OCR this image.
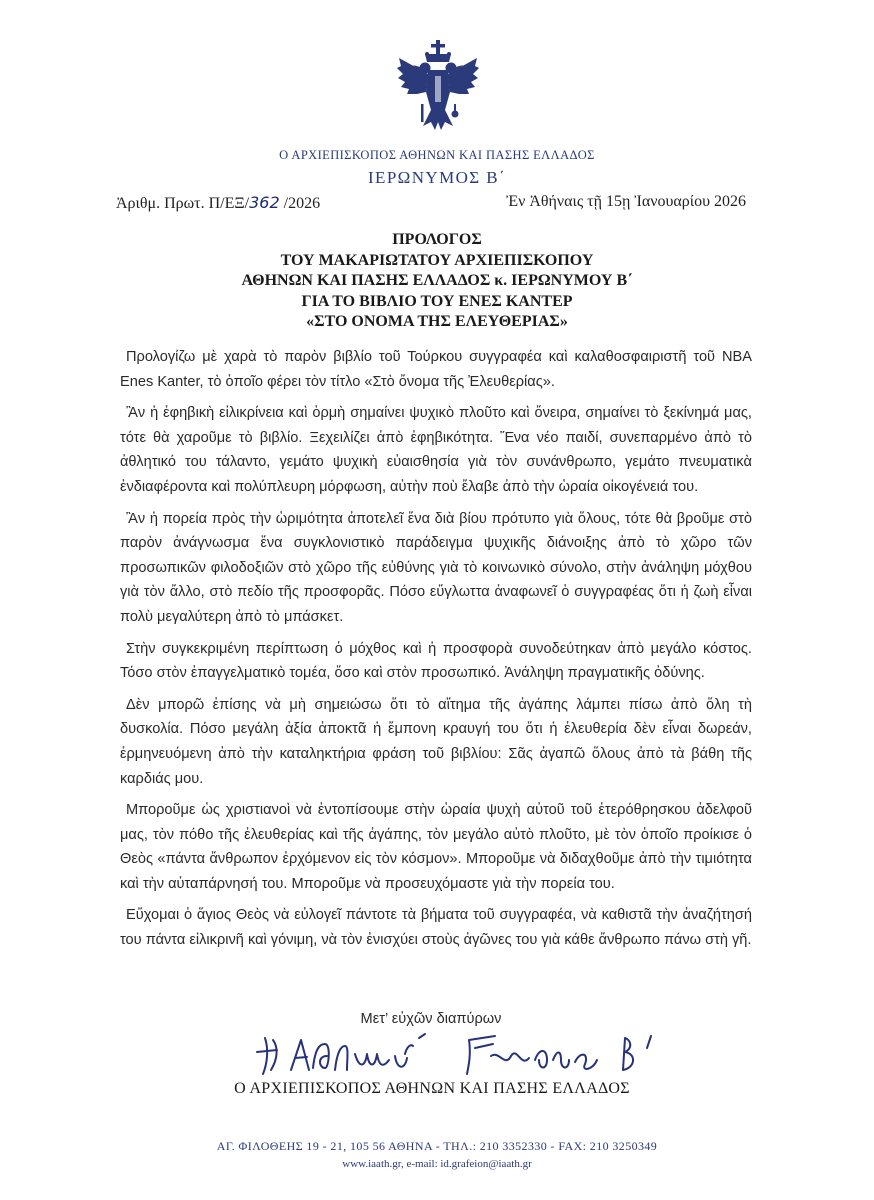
Ο ΑΡΧΙΕΠΙΣΚΟΠΟΣ ΑΘΗΝΩΝ ΚΑΙ ΠΑΣΗΣ ΕΛΛΑΔΟΣ
ΙΕΡΩΝΥΜΟΣ Β΄
Ἀριθμ. Πρωτ. Π/ΕΞ/362 /2026	Ἐν Ἀθήναις τῇ 15ῃ Ἰανουαρίου 2026
ΠΡΟΛΟΓΟΣ
ΤΟΥ ΜΑΚΑΡΙΩΤΑΤΟΥ ΑΡΧΙΕΠΙΣΚΟΠΟΥ
ΑΘΗΝΩΝ ΚΑΙ ΠΑΣΗΣ ΕΛΛΑΔΟΣ κ. ΙΕΡΩΝΥΜΟΥ Β΄
ΓΙΑ ΤΟ ΒΙΒΛΙΟ ΤΟΥ ΕΝΕΣ ΚΑΝΤΕΡ
«ΣΤΟ ΟΝΟΜΑ ΤΗΣ ΕΛΕΥΘΕΡΙΑΣ»

Προλογίζω μὲ χαρὰ τὸ παρὸν βιβλίο τοῦ Τούρκου συγγραφέα καὶ καλαθοσφαιριστῆ τοῦ NBA Enes Kanter, τὸ ὁποῖο φέρει τὸν τίτλο «Στὸ ὄνομα τῆς Ἐλευθερίας».

Ἂν ἡ ἐφηβικὴ εἰλικρίνεια καὶ ὁρμὴ σημαίνει ψυχικὸ πλοῦτο καὶ ὄνειρα, σημαίνει τὸ ξεκίνημά μας, τότε θὰ χαροῦμε τὸ βιβλίο. Ξεχειλίζει ἀπὸ ἐφηβικότητα. Ἕνα νέο παιδί, συνεπαρμένο ἀπὸ τὸ ἀθλητικό του τάλαντο, γεμάτο ψυχικὴ εὐαισθησία γιὰ τὸν συνάνθρωπο, γεμάτο πνευματικὰ ἐνδιαφέροντα καὶ πολύπλευρη μόρφωση, αὐτὴν ποὺ ἔλαβε ἀπὸ τὴν ὡραία οἰκογένειά του.

Ἂν ἡ πορεία πρὸς τὴν ὡριμότητα ἀποτελεῖ ἕνα διὰ βίου πρότυπο γιὰ ὅλους, τότε θὰ βροῦμε στὸ παρὸν ἀνάγνωσμα ἕνα συγκλονιστικὸ παράδειγμα ψυχικῆς διάνοιξης ἀπὸ τὸ χῶρο τῶν προσωπικῶν φιλοδοξιῶν στὸ χῶρο τῆς εὐθύνης γιὰ τὸ κοινωνικὸ σύνολο, στὴν ἀνάληψη μόχθου γιὰ τὸν ἄλλο, στὸ πεδίο τῆς προσφορᾶς. Πόσο εὔγλωττα ἀναφωνεῖ ὁ συγγραφέας ὅτι ἡ ζωὴ εἶναι πολὺ μεγαλύτερη ἀπὸ τὸ μπάσκετ.

Στὴν συγκεκριμένη περίπτωση ὁ μόχθος καὶ ἡ προσφορὰ συνοδεύτηκαν ἀπὸ μεγάλο κόστος. Τόσο στὸν ἐπαγγελματικὸ τομέα, ὅσο καὶ στὸν προσωπικό. Ἀνάληψη πραγματικῆς ὀδύνης.

Δὲν μπορῶ ἐπίσης νὰ μὴ σημειώσω ὅτι τὸ αἴτημα τῆς ἀγάπης λάμπει πίσω ἀπὸ ὅλη τὴ δυσκολία. Πόσο μεγάλη ἀξία ἀποκτᾶ ἡ ἔμπονη κραυγή του ὅτι ἡ ἐλευθερία δὲν εἶναι δωρεάν, ἑρμηνευόμενη ἀπὸ τὴν καταληκτήρια φράση τοῦ βιβλίου: Σᾶς ἀγαπῶ ὅλους ἀπὸ τὰ βάθη τῆς καρδιάς μου.

Μποροῦμε ὡς χριστιανοὶ νὰ ἐντοπίσουμε στὴν ὡραία ψυχὴ αὐτοῦ τοῦ ἑτερόθρησκου ἀδελφοῦ μας, τὸν πόθο τῆς ἐλευθερίας καὶ τῆς ἀγάπης, τὸν μεγάλο αὐτὸ πλοῦτο, μὲ τὸν ὁποῖο προίκισε ὁ Θεὸς «πάντα ἄνθρωπον ἐρχόμενον εἰς τὸν κόσμον». Μποροῦμε νὰ διδαχθοῦμε ἀπὸ τὴν τιμιότητα καὶ τὴν αὐταπάρνησή του. Μποροῦμε νὰ προσευχόμαστε γιὰ τὴν πορεία του.

Εὔχομαι ὁ ἅγιος Θεὸς νὰ εὐλογεῖ πάντοτε τὰ βήματα τοῦ συγγραφέα, νὰ καθιστᾶ τὴν ἀναζήτησή του πάντα εἰλικρινῆ καὶ γόνιμη, νὰ τὸν ἐνισχύει στοὺς ἀγῶνες του γιὰ κάθε ἄνθρωπο πάνω στὴ γῆ.

Μετ’ εὐχῶν διαπύρων
Ο ΑΡΧΙΕΠΙΣΚΟΠΟΣ ΑΘΗΝΩΝ ΚΑΙ ΠΑΣΗΣ ΕΛΛΑΔΟΣ
ΑΓ. ΦΙΛΟΘΕΗΣ 19 - 21, 105 56 ΑΘΗΝΑ - ΤΗΛ.: 210 3352330 - FAX: 210 3250349
www.iaath.gr, e-mail: id.grafeion@iaath.gr
